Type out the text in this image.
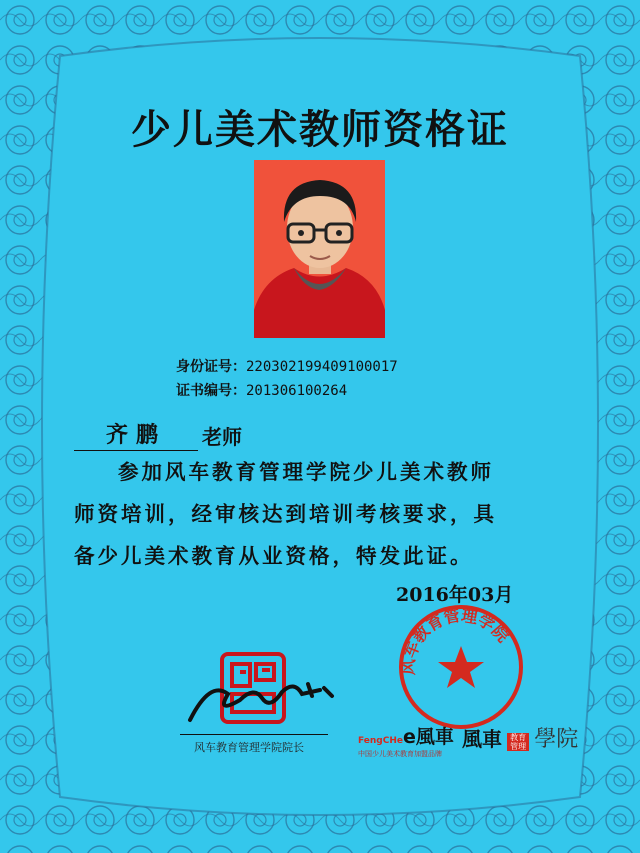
少儿美术教师资格证
身份证号：220302199409100017
证书编号：201306100264
齐鹏	老师
参加风车教育管理学院少儿美术教师
师资培训，经审核达到培训考核要求，具
备少儿美术教育从业资格，特发此证。
2016年03月
风车教育管理学院
风车教育管理学院院长	FengCHee風車
中国少儿美术教育加盟品牌
風車 教育管理 學院
